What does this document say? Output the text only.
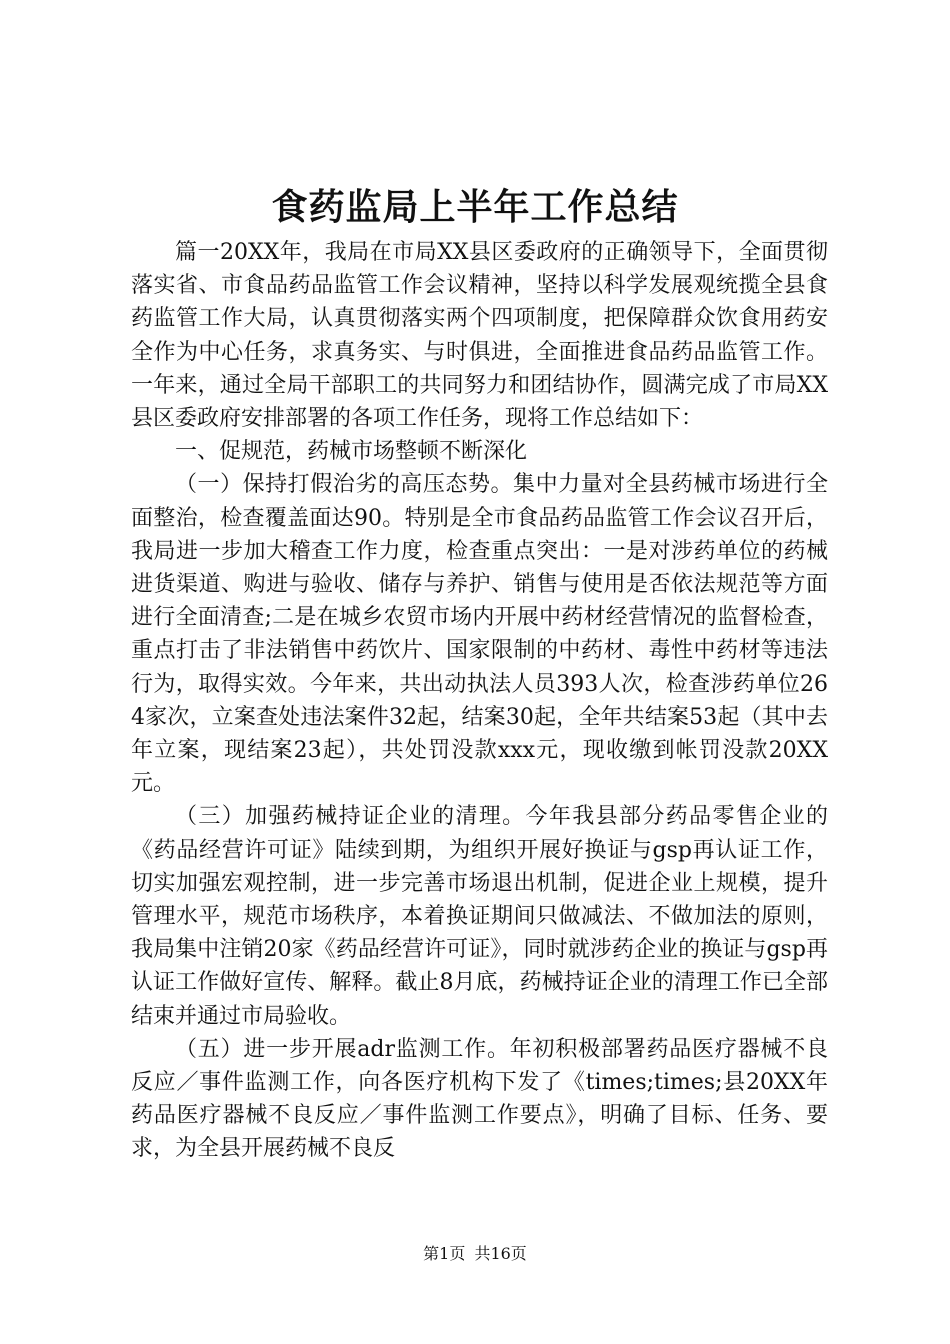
食药监局上半年工作总结

篇一20XX年，我局在市局XX县区委政府的正确领导下，全面贯彻落实省、市食品药品监管工作会议精神，坚持以科学发展观统揽全县食药监管工作大局，认真贯彻落实两个四项制度，把保障群众饮食用药安全作为中心任务，求真务实、与时俱进，全面推进食品药品监管工作。一年来，通过全局干部职工的共同努力和团结协作，圆满完成了市局XX县区委政府安排部署的各项工作任务，现将工作总结如下：

一、促规范，药械市场整顿不断深化

（一）保持打假治劣的高压态势。集中力量对全县药械市场进行全面整治，检查覆盖面达90。特别是全市食品药品监管工作会议召开后，我局进一步加大稽查工作力度，检查重点突出：一是对涉药单位的药械进货渠道、购进与验收、储存与养护、销售与使用是否依法规范等方面进行全面清查;二是在城乡农贸市场内开展中药材经营情况的监督检查，重点打击了非法销售中药饮片、国家限制的中药材、毒性中药材等违法行为，取得实效。今年来，共出动执法人员393人次，检查涉药单位264家次，立案查处违法案件32起，结案30起，全年共结案53起（其中去年立案，现结案23起），共处罚没款xxx元，现收缴到帐罚没款20XX元。

（三）加强药械持证企业的清理。今年我县部分药品零售企业的《药品经营许可证》陆续到期，为组织开展好换证与gsp再认证工作，切实加强宏观控制，进一步完善市场退出机制，促进企业上规模，提升管理水平，规范市场秩序，本着换证期间只做减法、不做加法的原则，我局集中注销20家《药品经营许可证》，同时就涉药企业的换证与gsp再认证工作做好宣传、解释。截止8月底，药械持证企业的清理工作已全部结束并通过市局验收。

（五）进一步开展adr监测工作。年初积极部署药品医疗器械不良反应／事件监测工作，向各医疗机构下发了《times;times;县20XX年药品医疗器械不良反应／事件监测工作要点》，明确了目标、任务、要求，为全县开展药械不良反

第1页 共16页
